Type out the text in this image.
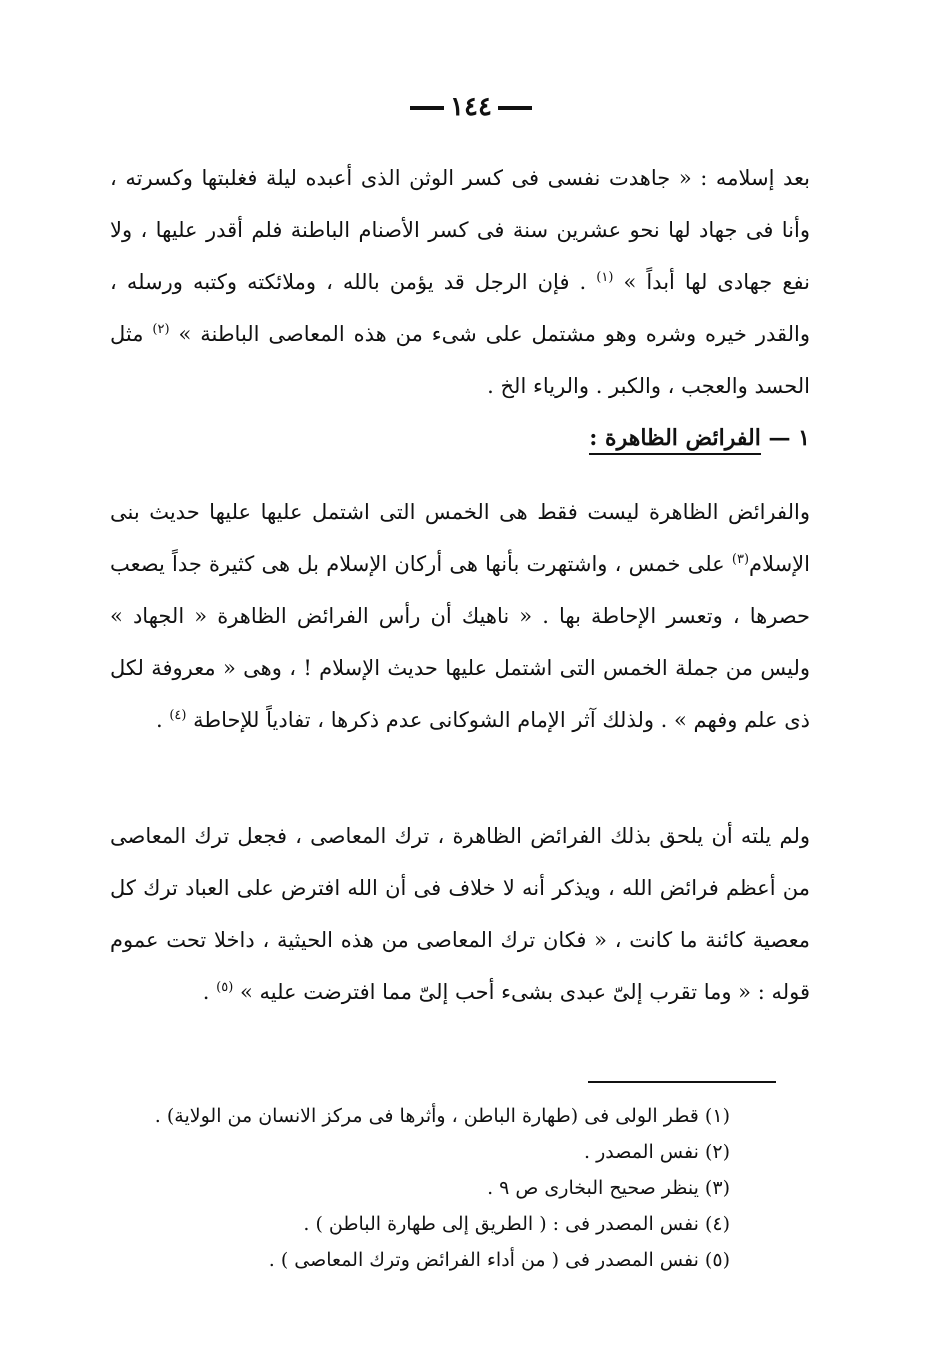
١٤٤
بعد إسلامه : « جاهدت نفسى فى كسر الوثن الذى أعبده ليلة فغلبتها وكسرته ، وأنا فى جهاد لها نحو عشرين سنة فى كسر الأصنام الباطنة فلم أقدر عليها ، ولا نفع جهادى لها أبداً » $^{(١)}$ . فإن الرجل قد يؤمن بالله ، وملائكته وكتبه ورسله ، والقدر خيره وشره وهو مشتمل على شىء من هذه المعاصى الباطنة » $^{(٢)}$ مثل الحسد والعجب ، والكبر . والرياء الخ .
١ — الفرائض الظاهرة :
والفرائض الظاهرة ليست فقط هى الخمس التى اشتمل عليها عليها حديث بنى الإسلام$^{(٣)}$ على خمس ، واشتهرت بأنها هى أركان الإسلام بل هى كثيرة جداً يصعب حصرها ، وتعسر الإحاطة بها . « ناهيك أن رأس الفرائض الظاهرة « الجهاد » وليس من جملة الخمس التى اشتمل عليها حديث الإسلام ! ، وهى « معروفة لكل ذى علم وفهم » . ولذلك آثر الإمام الشوكانى عدم ذكرها ، تفادياً للإحاطة $^{(٤)}$ .
ولم يلته أن يلحق بذلك الفرائض الظاهرة ، ترك المعاصى ، فجعل ترك المعاصى من أعظم فرائض الله ، ويذكر أنه لا خلاف فى أن الله افترض على العباد ترك كل معصية كائنة ما كانت ، « فكان ترك المعاصى من هذه الحيثية ، داخلا تحت عموم قوله : « وما تقرب إلىّ عبدى بشىء أحب إلىّ مما افترضت عليه » $^{(٥)}$ .
(١) قطر الولى فى (طهارة الباطن ، وأثرها فى مركز الانسان من الولاية) .
(٢) نفس المصدر .
(٣) ينظر صحيح البخارى ص ٩ .
(٤) نفس المصدر فى : ( الطريق إلى طهارة الباطن ) .
(٥) نفس المصدر فى ( من أداء الفرائض وترك المعاصى ) .
